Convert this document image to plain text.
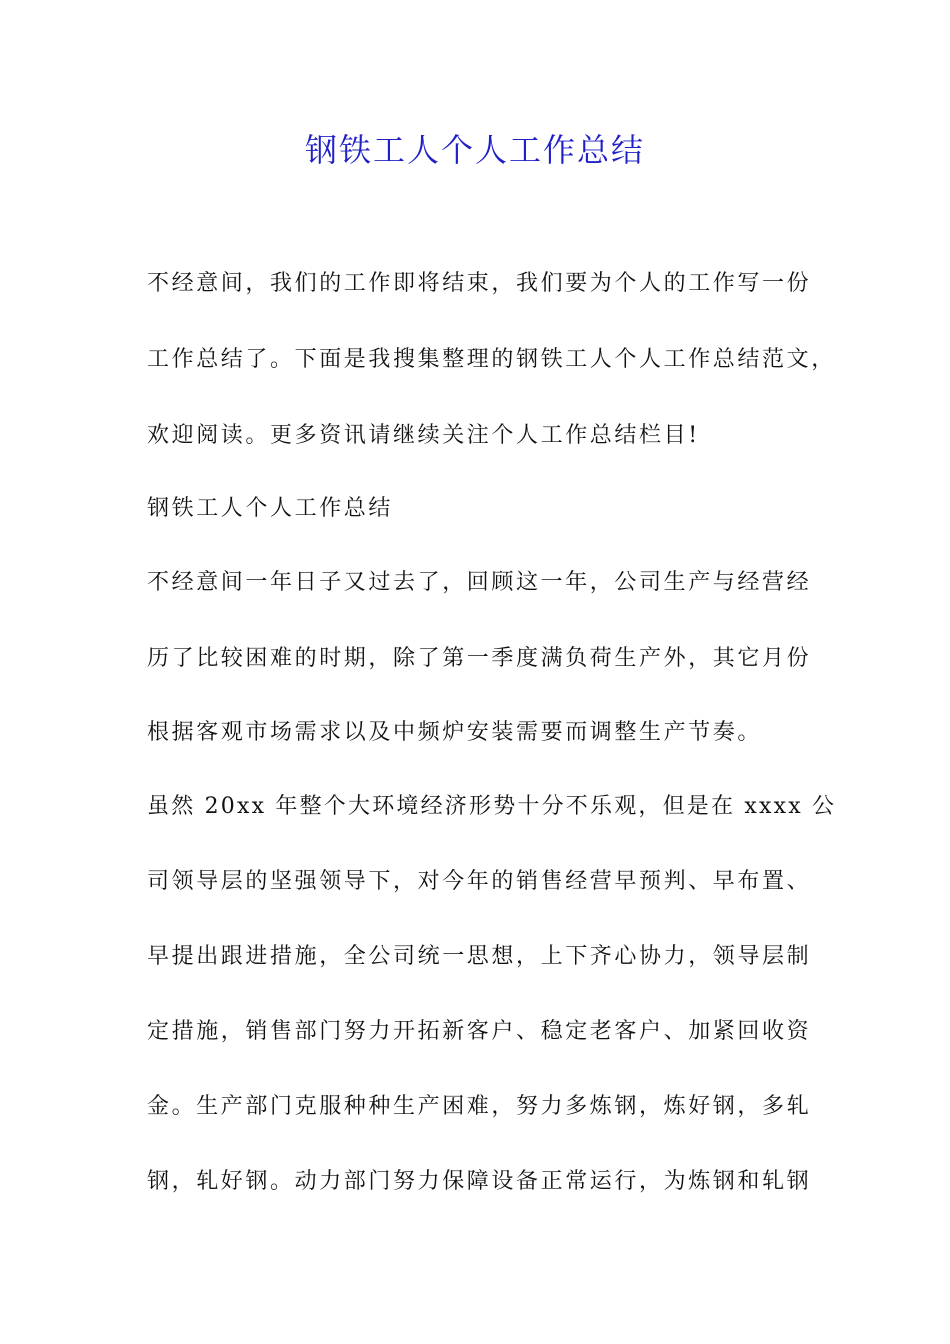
钢铁工人个人工作总结

不经意间，我们的工作即将结束，我们要为个人的工作写一份

工作总结了。下面是我搜集整理的钢铁工人个人工作总结范文，

欢迎阅读。更多资讯请继续关注个人工作总结栏目!

钢铁工人个人工作总结

不经意间一年日子又过去了，回顾这一年，公司生产与经营经

历了比较困难的时期，除了第一季度满负荷生产外，其它月份

根据客观市场需求以及中频炉安装需要而调整生产节奏。

虽然 20xx 年整个大环境经济形势十分不乐观，但是在 xxxx 公

司领导层的坚强领导下，对今年的销售经营早预判、早布置、

早提出跟进措施，全公司统一思想，上下齐心协力，领导层制

定措施，销售部门努力开拓新客户、稳定老客户、加紧回收资

金。生产部门克服种种生产困难，努力多炼钢，炼好钢，多轧

钢，轧好钢。动力部门努力保障设备正常运行，为炼钢和轧钢
